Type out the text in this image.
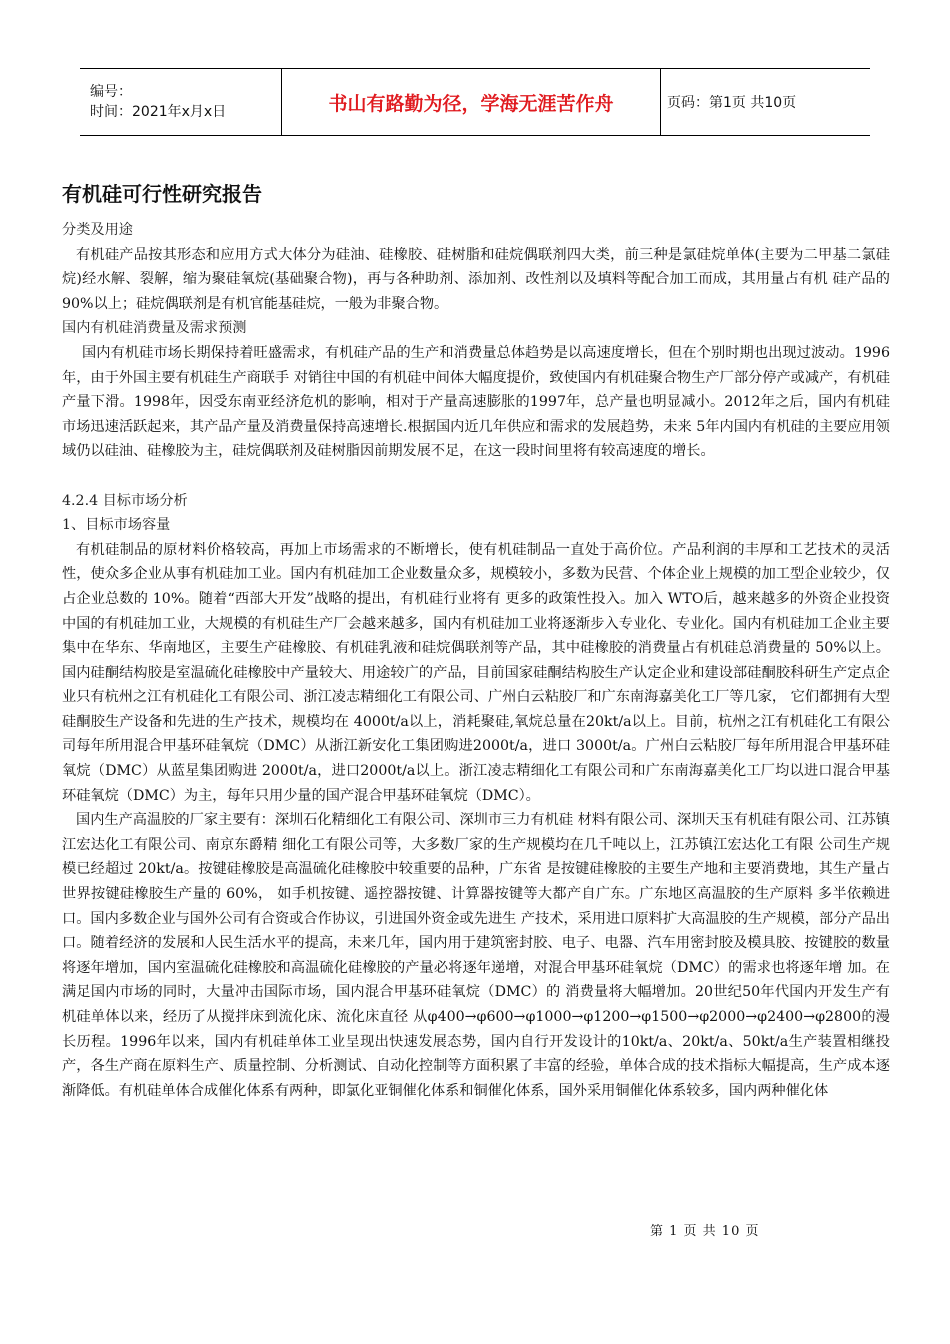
编号：
时间：2021年x月x日	书山有路勤为径，学海无涯苦作舟	页码：第1页 共10页
有机硅可行性研究报告

分类及用途

有机硅产品按其形态和应用方式大体分为硅油、硅橡胶、硅树脂和硅烷偶联剂四大类，前三种是氯硅烷单体(主要为二甲基二氯硅烷)经水解、裂解，缩为聚硅氧烷(基础聚合物)，再与各种助剂、添加剂、改性剂以及填料等配合加工而成，其用量占有机 硅产品的 90%以上；硅烷偶联剂是有机官能基硅烷，一般为非聚合物。

国内有机硅消费量及需求预测

国内有机硅市场长期保持着旺盛需求，有机硅产品的生产和消费量总体趋势是以高速度增长，但在个别时期也出现过波动。1996年，由于外国主要有机硅生产商联手 对销往中国的有机硅中间体大幅度提价，致使国内有机硅聚合物生产厂部分停产或减产，有机硅产量下滑。1998年，因受东南亚经济危机的影响，相对于产量高速膨胀的1997年，总产量也明显减小。2012年之后，国内有机硅市场迅速活跃起来，其产品产量及消费量保持高速增长.根据国内近几年供应和需求的发展趋势，未来 5年内国内有机硅的主要应用领域仍以硅油、硅橡胶为主，硅烷偶联剂及硅树脂因前期发展不足，在这一段时间里将有较高速度的增长。

4.2.4 目标市场分析

1、目标市场容量

有机硅制品的原材料价格较高，再加上市场需求的不断增长，使有机硅制品一直处于高价位。产品利润的丰厚和工艺技术的灵活性，使众多企业从事有机硅加工业。国内有机硅加工企业数量众多，规模较小，多数为民营、个体企业上规模的加工型企业较少，仅占企业总数的 10%。随着“西部大开发”战略的提出，有机硅行业将有 更多的政策性投入。加入 WTO后，越来越多的外资企业投资中国的有机硅加工业，大规模的有机硅生产厂会越来越多，国内有机硅加工业将逐渐步入专业化、专业化。国内有机硅加工企业主要集中在华东、华南地区，主要生产硅橡胶、有机硅乳液和硅烷偶联剂等产品，其中硅橡胶的消费量占有机硅总消费量的 50%以上。国内硅酮结构胶是室温硫化硅橡胶中产量较大、用途较广的产品，目前国家硅酮结构胶生产认定企业和建设部硅酮胶科研生产定点企业只有杭州之江有机硅化工有限公司、浙江凌志精细化工有限公司、广州白云粘胶厂和广东南海嘉美化工厂等几家， 它们都拥有大型硅酮胶生产设备和先进的生产技术，规模均在 4000t/a以上，消耗聚硅,氧烷总量在20kt/a以上。目前，杭州之江有机硅化工有限公司每年所用混合甲基环硅氧烷（DMC）从浙江新安化工集团购进2000t/a，进口 3000t/a。广州白云粘胶厂每年所用混合甲基环硅氧烷（DMC）从蓝星集团购进 2000t/a，进口2000t/a以上。浙江凌志精细化工有限公司和广东南海嘉美化工厂均以进口混合甲基环硅氧烷（DMC）为主，每年只用少量的国产混合甲基环硅氧烷（DMC）。

国内生产高温胶的厂家主要有：深圳石化精细化工有限公司、深圳市三力有机硅 材料有限公司、深圳天玉有机硅有限公司、江苏镇江宏达化工有限公司、南京东爵精 细化工有限公司等，大多数厂家的生产规模均在几千吨以上，江苏镇江宏达化工有限 公司生产规模已经超过 20kt/a。按键硅橡胶是高温硫化硅橡胶中较重要的品种，广东省 是按键硅橡胶的主要生产地和主要消费地，其生产量占世界按键硅橡胶生产量的 60%， 如手机按键、遥控器按键、计算器按键等大都产自广东。广东地区高温胶的生产原料 多半依赖进口。国内多数企业与国外公司有合资或合作协议，引进国外资金或先进生 产技术，采用进口原料扩大高温胶的生产规模，部分产品出口。随着经济的发展和人民生活水平的提高，未来几年，国内用于建筑密封胶、电子、电器、汽车用密封胶及模具胶、按键胶的数量将逐年增加，国内室温硫化硅橡胶和高温硫化硅橡胶的产量必将逐年递增，对混合甲基环硅氧烷（DMC）的需求也将逐年增 加。在满足国内市场的同时，大量冲击国际市场，国内混合甲基环硅氧烷（DMC）的 消费量将大幅增加。20世纪50年代国内开发生产有机硅单体以来，经历了从搅拌床到流化床、流化床直径 从φ400→φ600→φ1000→φ1200→φ1500→φ2000→φ2400→φ2800的漫长历程。1996年以来，国内有机硅单体工业呈现出快速发展态势，国内自行开发设计的10kt/a、20kt/a、50kt/a生产装置相继投产，各生产商在原料生产、质量控制、分析测试、自动化控制等方面积累了丰富的经验，单体合成的技术指标大幅提高，生产成本逐渐降低。有机硅单体合成催化体系有两种，即氯化亚铜催化体系和铜催化体系，国外采用铜催化体系较多，国内两种催化体

第 1 页 共 10 页
